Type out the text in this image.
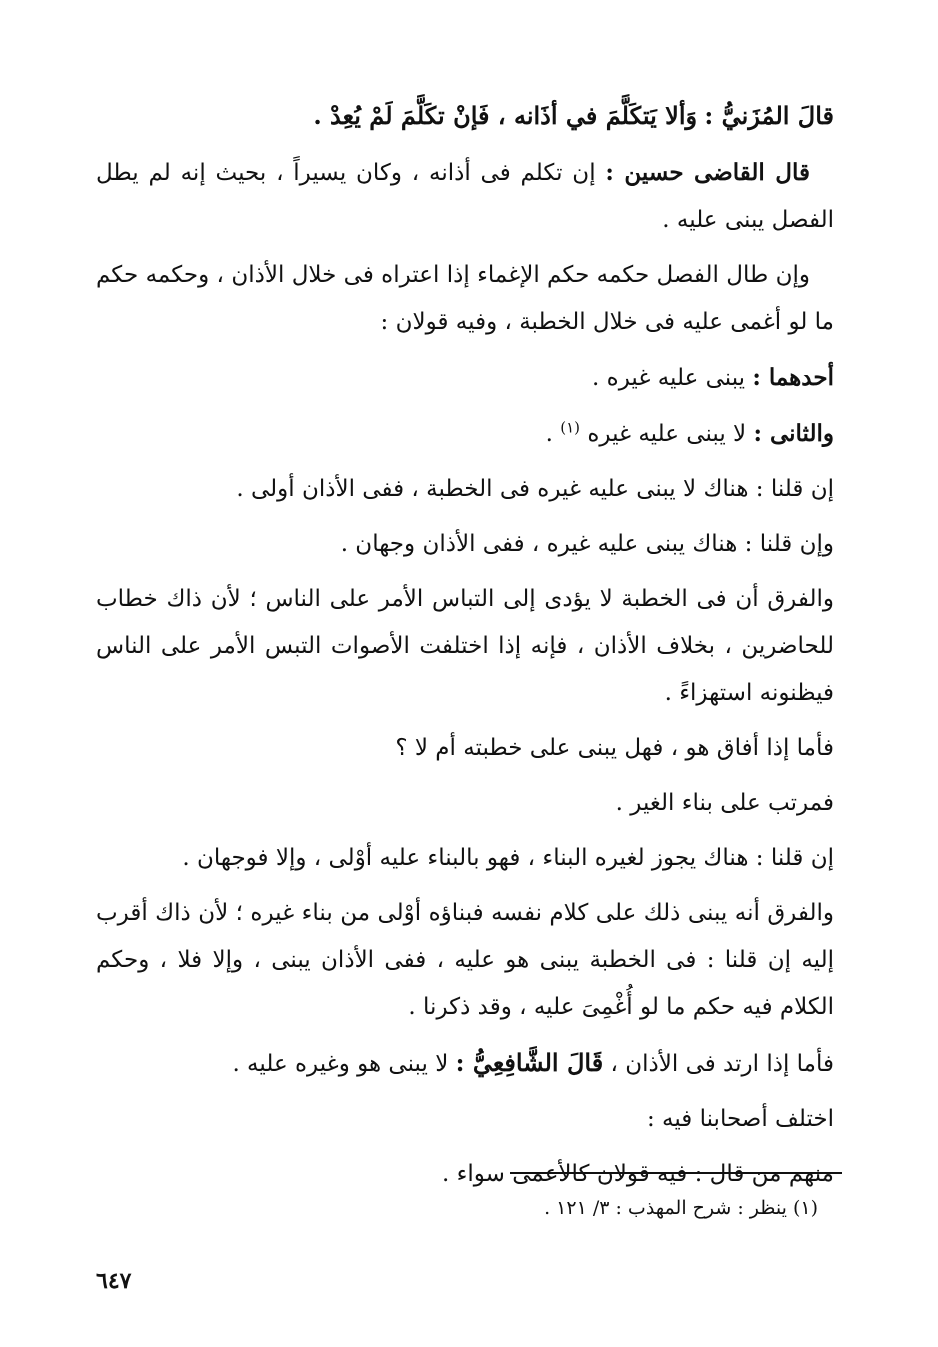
قالَ المُزَنيُّ : وَألا يَتكَلَّمَ في أذَانه ، فَإنْ تكَلَّمَ لَمْ يُعِدْ .

قال القاضى حسين : إن تكلم فى أذانه ، وكان يسيراً ، بحيث إنه لم يطل الفصل يبنى عليه .

وإن طال الفصل حكمه حكم الإغماء إذا اعتراه فى خلال الأذان ، وحكمه حكم ما لو أغمى عليه فى خلال الخطبة ، وفيه قولان :

أحدهما : يبنى عليه غيره .

والثانى : لا يبنى عليه غيره $^{(١)}$ .

إن قلنا : هناك لا يبنى عليه غيره فى الخطبة ، ففى الأذان أولى .

وإن قلنا : هناك يبنى عليه غيره ، ففى الأذان وجهان .

والفرق أن فى الخطبة لا يؤدى إلى التباس الأمر على الناس ؛ لأن ذاك خطاب للحاضرين ، بخلاف الأذان ، فإنه إذا اختلفت الأصوات التبس الأمر على الناس فيظنونه استهزاءً .

فأما إذا أفاق هو ، فهل يبنى على خطبته أم لا ؟

فمرتب على بناء الغير .

إن قلنا : هناك يجوز لغيره البناء ، فهو بالبناء عليه أوْلى ، وإلا فوجهان .

والفرق أنه يبنى ذلك على كلام نفسه فبناؤه أوْلى من بناء غيره ؛ لأن ذاك أقرب إليه إن قلنا : فى الخطبة يبنى هو عليه ، ففى الأذان يبنى ، وإلا فلا ، وحكم الكلام فيه حكم ما لو أُغْمِىَ عليه ، وقد ذكرنا .

فأما إذا ارتد فى الأذان ، قَالَ الشَّافِعِيُّ : لا يبنى هو وغيره عليه .

اختلف أصحابنا فيه :

منهم من قال : فيه قولان كالأعمى سواء .

(١) ينظر : شرح المهذب : ٣/ ١٢١ .
٦٤٧
